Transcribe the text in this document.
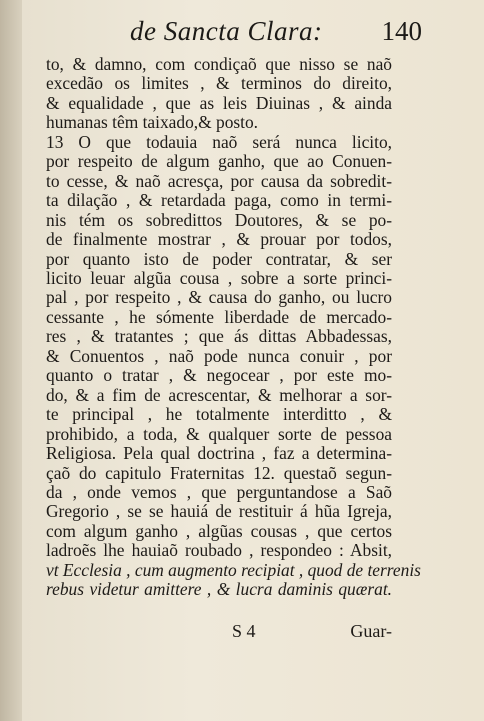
de Sancta Clara: 140
to, & damno, com condiçaõ que nisso se naõ
excedão os limites , & terminos do direito,
& equalidade , que as leis Diuinas , & ainda
humanas têm taixado,& posto.
13 O que todauia naõ será nunca licito,
por respeito de algum ganho, que ao Conuen-
to cesse, & naõ acresça, por causa da sobredit-
ta dilação , & retardada paga, como in termi-
nis tém os sobredittos Doutores, & se po-
de finalmente mostrar , & prouar por todos,
por quanto isto de poder contratar, & ser
licito leuar algũa cousa , sobre a sorte princi-
pal , por respeito , & causa do ganho, ou lucro
cessante , he sómente liberdade de mercado-
res , & tratantes ; que ás dittas Abbadessas,
& Conuentos , naõ pode nunca conuir , por
quanto o tratar , & negocear , por este mo-
do, & a fim de acrescentar, & melhorar a sor-
te principal , he totalmente interditto , &
prohibido, a toda, & qualquer sorte de pessoa
Religiosa. Pela qual doctrina , faz a determina-
çaõ do capitulo Fraternitas 12. questaõ segun-
da , onde vemos , que perguntandose a Saõ
Gregorio , se se hauiá de restituir á hũa Igreja,
com algum ganho , algũas cousas , que certos
ladroẽs lhe hauiaõ roubado , respondeo : Absit,
vt Ecclesia , cum augmento recipiat , quod de terrenis
rebus videtur amittere , & lucra daminis quærat.
S 4	Guar-
